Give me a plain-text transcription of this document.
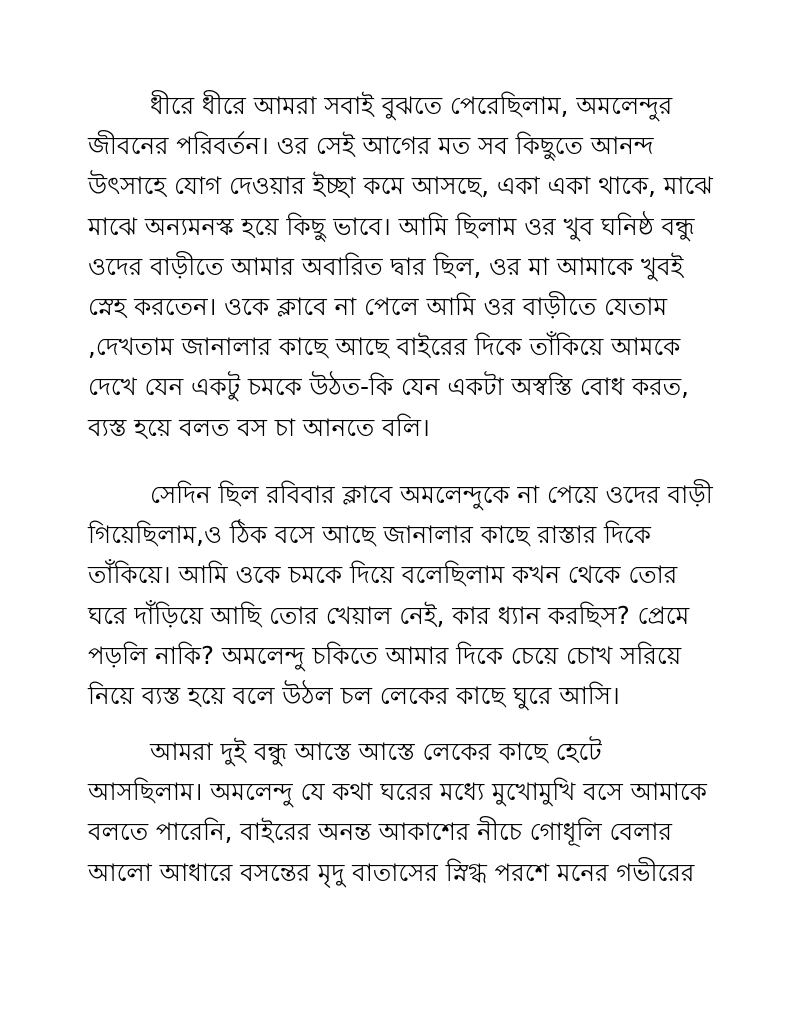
ধীরে ধীরে আমরা সবাই বুঝতে পেরেছিলাম, অমলেন্দুর
জীবনের পরিবর্তন। ওর সেই আগের মত সব কিছুতে আনন্দ
উৎসাহে যোগ দেওয়ার ইচ্ছা কমে আসছে, একা একা থাকে, মাঝে
মাঝে অন্যমনস্ক হয়ে কিছু ভাবে। আমি ছিলাম ওর খুব ঘনিষ্ঠ বন্ধু
ওদের বাড়ীতে আমার অবারিত দ্বার ছিল, ওর মা আমাকে খুবই
স্নেহ করতেন। ওকে ক্লাবে না পেলে আমি ওর বাড়ীতে যেতাম
,দেখতাম জানালার কাছে আছে বাইরের দিকে তাঁকিয়ে আমকে
দেখে যেন একটু চমকে উঠত-কি যেন একটা অস্বস্তি বোধ করত,
ব্যস্ত হয়ে বলত বস চা আনতে বলি।
সেদিন ছিল রবিবার ক্লাবে অমলেন্দুকে না পেয়ে ওদের বাড়ী
গিয়েছিলাম,ও ঠিক বসে আছে জানালার কাছে রাস্তার দিকে
তাঁকিয়ে। আমি ওকে চমকে দিয়ে বলেছিলাম কখন থেকে তোর
ঘরে দাঁড়িয়ে আছি তোর খেয়াল নেই, কার ধ্যান করছিস? প্রেমে
পড়লি নাকি? অমলেন্দু চকিতে আমার দিকে চেয়ে চোখ সরিয়ে
নিয়ে ব্যস্ত হয়ে বলে উঠল চল লেকের কাছে ঘুরে আসি।
আমরা দুই বন্ধু আস্তে আস্তে লেকের কাছে হেটে
আসছিলাম। অমলেন্দু যে কথা ঘরের মধ্যে মুখোমুখি বসে আমাকে
বলতে পারেনি, বাইরের অনন্ত আকাশের নীচে গোধূলি বেলার
আলো আধারে বসন্তের মৃদু বাতাসের স্নিগ্ধ পরশে মনের গভীরের
